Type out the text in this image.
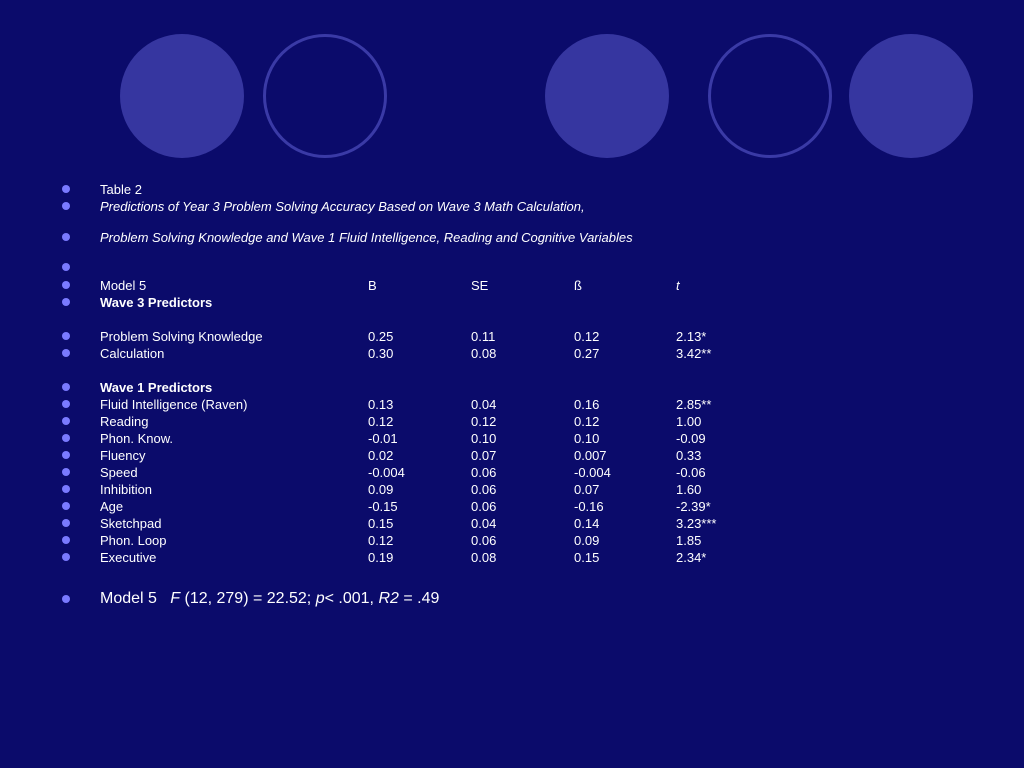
Table 2
Predictions of Year 3 Problem Solving Accuracy Based on Wave 3 Math Calculation,
Problem Solving Knowledge and Wave 1 Fluid Intelligence, Reading and Cognitive Variables
Model 5	B	SE	ß	t
Wave 3 Predictors
Problem Solving Knowledge	0.25	0.11	0.12	2.13*
Calculation	0.30	0.08	0.27	3.42**
Wave 1 Predictors
Fluid Intelligence (Raven)	0.13	0.04	0.16	2.85**
Reading	0.12	0.12	0.12	1.00
Phon. Know.	-0.01	0.10	0.10	-0.09
Fluency	0.02	0.07	0.007	0.33
Speed	-0.004	0.06	-0.004	-0.06
Inhibition	0.09	0.06	0.07	1.60
Age	-0.15	0.06	-0.16	-2.39*
Sketchpad	0.15	0.04	0.14	3.23***
Phon. Loop	0.12	0.06	0.09	1.85
Executive	0.19	0.08	0.15	2.34*
Model 5 F (12, 279) = 22.52; p< .001, R2 = .49
